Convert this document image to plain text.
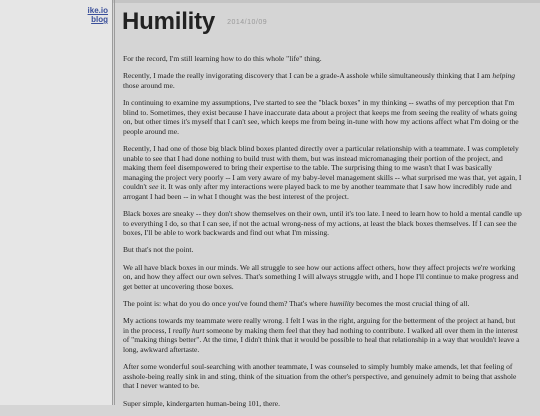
ike.io
blog Humility 2014/10/09

For the record, I'm still learning how to do this whole "life" thing.

Recently, I made the really invigorating discovery that I can be a grade-A asshole while simultaneously thinking that I am helping those around me.

In continuing to examine my assumptions, I've started to see the "black boxes" in my thinking -- swaths of my perception that I'm blind to. Sometimes, they exist because I have inaccurate data about a project that keeps me from seeing the reality of whats going on, but other times it's myself that I can't see, which keeps me from being in-tune with how my actions affect what I'm doing or the people around me.

Recently, I had one of those big black blind boxes planted directly over a particular relationship with a teammate. I was completely unable to see that I had done nothing to build trust with them, but was instead micromanaging their portion of the project, and making them feel disempowered to bring their expertise to the table. The surprising thing to me wasn't that I was basically managing the project very poorly -- I am very aware of my baby-level management skills -- what surprised me was that, yet again, I couldn't see it. It was only after my interactions were played back to me by another teammate that I saw how incredibly rude and arrogant I had been -- in what I thought was the best interest of the project.

Black boxes are sneaky -- they don't show themselves on their own, until it's too late. I need to learn how to hold a mental candle up to everything I do, so that I can see, if not the actual wrong-ness of my actions, at least the black boxes themselves. If I can see the boxes, I'll be able to work backwards and find out what I'm missing.

But that's not the point.

We all have black boxes in our minds. We all struggle to see how our actions affect others, how they affect projects we're working on, and how they affect our own selves. That's something I will always struggle with, and I hope I'll continue to make progress and get better at uncovering those boxes.

The point is: what do you do once you've found them? That's where humility becomes the most crucial thing of all.

My actions towards my teammate were really wrong. I felt I was in the right, arguing for the betterment of the project at hand, but in the process, I really hurt someone by making them feel that they had nothing to contribute. I walked all over them in the interest of "making things better". At the time, I didn't think that it would be possible to heal that relationship in a way that wouldn't leave a long, awkward aftertaste.

After some wonderful soul-searching with another teammate, I was counseled to simply humbly make amends, let that feeling of asshole-being really sink in and sting, think of the situation from the other's perspective, and genuinely admit to being that asshole that I never wanted to be.

Super simple, kindergarten human-being 101, there.
